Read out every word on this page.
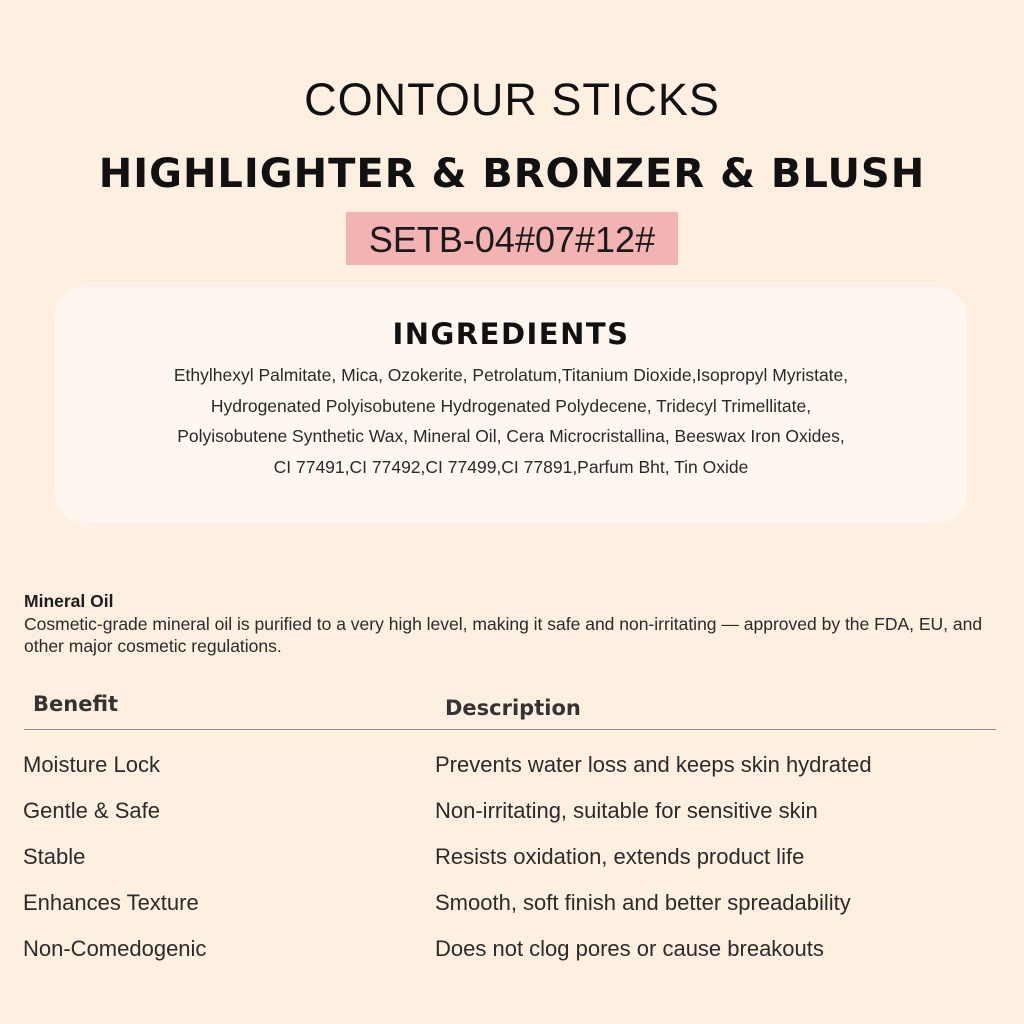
CONTOUR STICKS
HIGHLIGHTER & BRONZER & BLUSH
SETB-04#07#12#
INGREDIENTS
Ethylhexyl Palmitate, Mica, Ozokerite, Petrolatum,Titanium Dioxide,Isopropyl Myristate,
Hydrogenated Polyisobutene Hydrogenated Polydecene, Tridecyl Trimellitate,
Polyisobutene Synthetic Wax, Mineral Oil, Cera Microcristallina, Beeswax Iron Oxides,
CI 77491,CI 77492,CI 77499,CI 77891,Parfum Bht, Tin Oxide
Mineral Oil
Cosmetic-grade mineral oil is purified to a very high level, making it safe and non-irritating — approved by the FDA, EU, and other major cosmetic regulations.
Benefit	Description
Moisture Lock	Prevents water loss and keeps skin hydrated
Gentle & Safe	Non-irritating, suitable for sensitive skin
Stable	Resists oxidation, extends product life
Enhances Texture	Smooth, soft finish and better spreadability
Non-Comedogenic	Does not clog pores or cause breakouts
